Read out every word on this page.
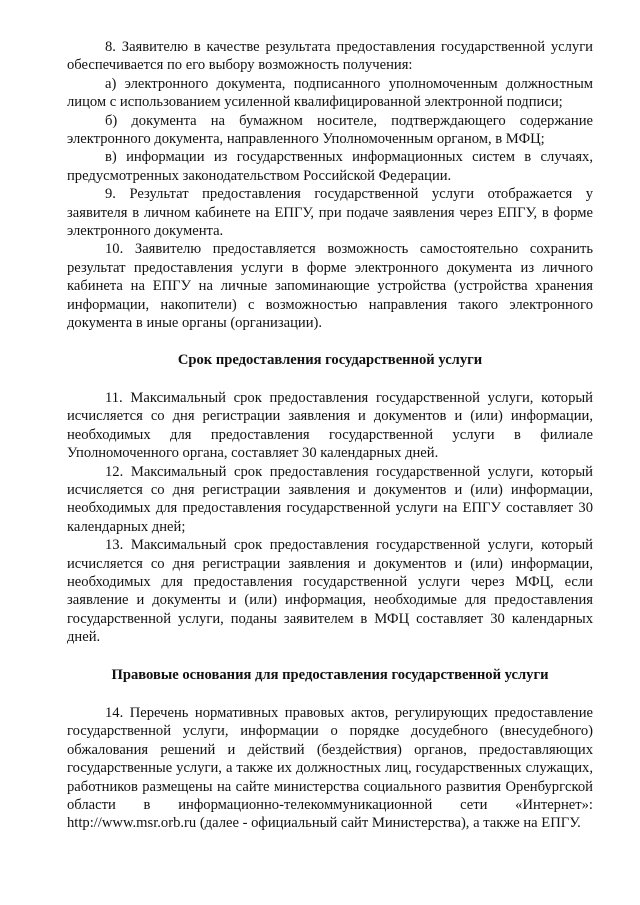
8. Заявителю в качестве результата предоставления государственной услуги обеспечивается по его выбору возможность получения:

а) электронного документа, подписанного уполномоченным должностным лицом с использованием усиленной квалифицированной электронной подписи;

б) документа на бумажном носителе, подтверждающего содержание электронного документа, направленного Уполномоченным органом, в МФЦ;

в) информации из государственных информационных систем в случаях, предусмотренных законодательством Российской Федерации.

9. Результат предоставления государственной услуги отображается у заявителя в личном кабинете на ЕПГУ, при подаче заявления через ЕПГУ, в форме электронного документа.

10. Заявителю предоставляется возможность самостоятельно сохранить результат предоставления услуги в форме электронного документа из личного кабинета на ЕПГУ на личные запоминающие устройства (устройства хранения информации, накопители) с возможностью направления такого электронного документа в иные органы (организации).

Срок предоставления государственной услуги

11. Максимальный срок предоставления государственной услуги, который исчисляется со дня регистрации заявления и документов и (или) информации, необходимых для предоставления государственной услуги в филиале Уполномоченного органа, составляет 30 календарных дней.

12. Максимальный срок предоставления государственной услуги, который исчисляется со дня регистрации заявления и документов и (или) информации, необходимых для предоставления государственной услуги на ЕПГУ составляет 30 календарных дней;

13. Максимальный срок предоставления государственной услуги, который исчисляется со дня регистрации заявления и документов и (или) информации, необходимых для предоставления государственной услуги через МФЦ, если заявление и документы и (или) информация, необходимые для предоставления государственной услуги, поданы заявителем в МФЦ составляет 30 календарных дней.

Правовые основания для предоставления государственной услуги

14. Перечень нормативных правовых актов, регулирующих предоставление государственной услуги, информации о порядке досудебного (внесудебного) обжалования решений и действий (бездействия) органов, предоставляющих государственные услуги, а также их должностных лиц, государственных служащих, работников размещены на сайте министерства социального развития Оренбургской области в информационно-телекоммуникационной сети «Интернет»: http://www.msr.orb.ru (далее - официальный сайт Министерства), а также на ЕПГУ.
